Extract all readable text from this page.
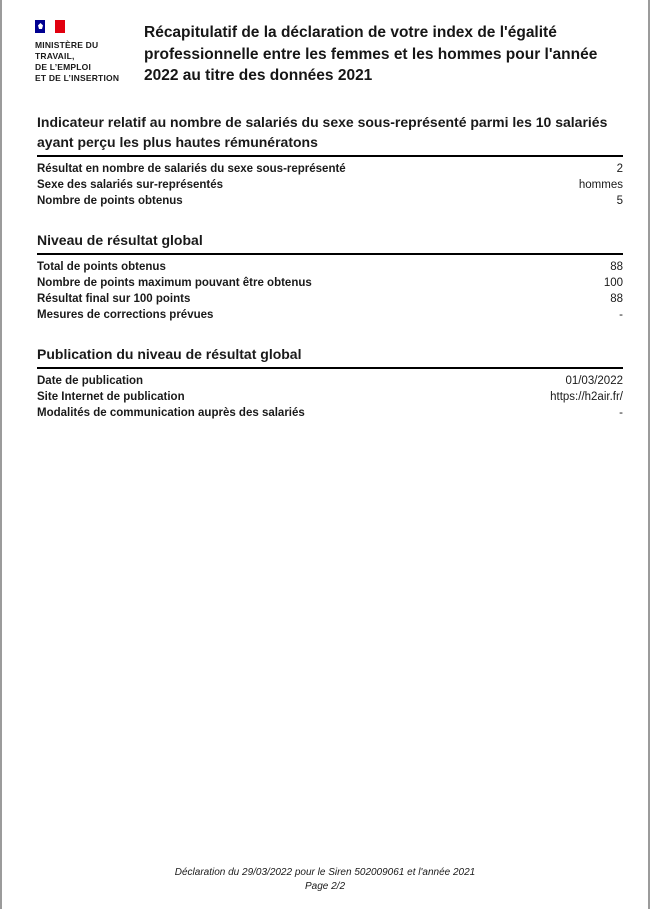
MINISTÈRE DU
TRAVAIL,
DE L’EMPLOI
ET DE L’INSERTION
Récapitulatif de la déclaration de votre index de l'égalité professionnelle entre les femmes et les hommes pour l'année 2022 au titre des données 2021
Indicateur relatif au nombre de salariés du sexe sous-représenté parmi les 10 salariés ayant perçu les plus hautes rémunératons
Résultat en nombre de salariés du sexe sous-représenté	2
Sexe des salariés sur-représentés	hommes
Nombre de points obtenus	5
Niveau de résultat global
Total de points obtenus	88
Nombre de points maximum pouvant être obtenus	100
Résultat final sur 100 points	88
Mesures de corrections prévues	-
Publication du niveau de résultat global
Date de publication	01/03/2022
Site Internet de publication	https://h2air.fr/
Modalités de communication auprès des salariés	-
Déclaration du 29/03/2022 pour le Siren 502009061 et l'année 2021
Page 2/2
